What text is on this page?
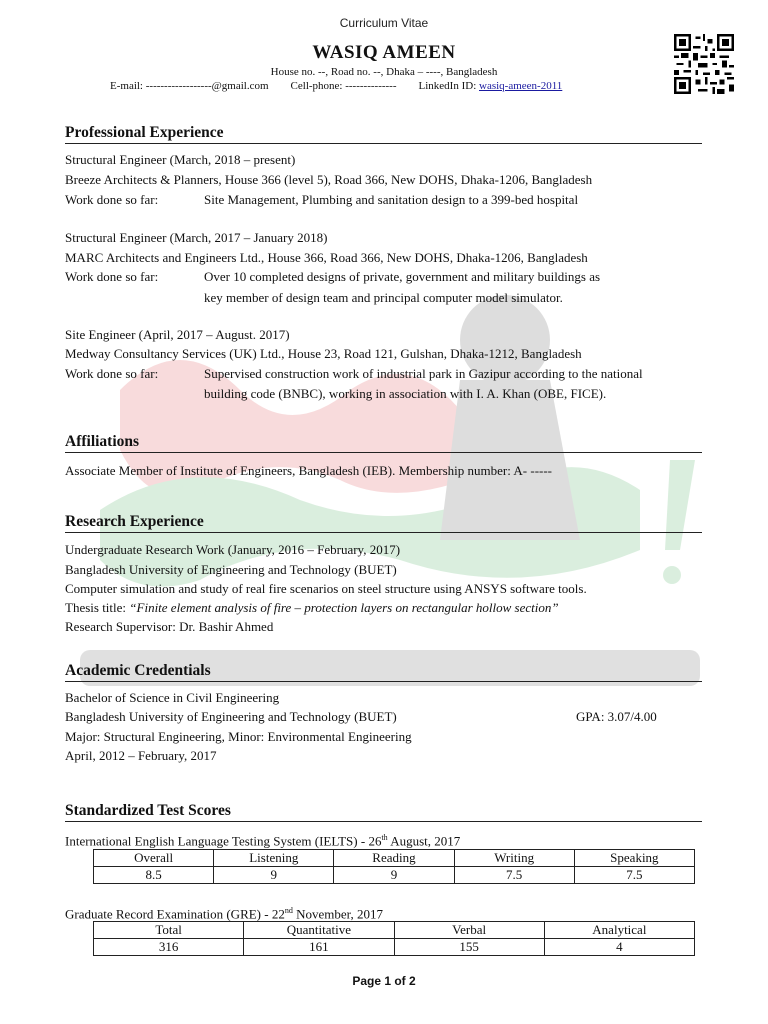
Curriculum Vitae
WASIQ AMEEN
House no. --, Road no. --, Dhaka – ----, Bangladesh
E-mail: ------------------@gmail.com Cell-phone: -------------- LinkedIn ID: wasiq-ameen-2011
Professional Experience
Structural Engineer (March, 2018 – present)
Breeze Architects & Planners, House 366 (level 5), Road 366, New DOHS, Dhaka-1206, Bangladesh
Work done so far:	Site Management, Plumbing and sanitation design to a 399-bed hospital
Structural Engineer (March, 2017 – January 2018)
MARC Architects and Engineers Ltd., House 366, Road 366, New DOHS, Dhaka-1206, Bangladesh
Work done so far:	Over 10 completed designs of private, government and military buildings as
key member of design team and principal computer model simulator.
Site Engineer (April, 2017 – August. 2017)
Medway Consultancy Services (UK) Ltd., House 23, Road 121, Gulshan, Dhaka-1212, Bangladesh
Work done so far:	Supervised construction work of industrial park in Gazipur according to the national
building code (BNBC), working in association with I. A. Khan (OBE, FICE).
Affiliations
Associate Member of Institute of Engineers, Bangladesh (IEB). Membership number: A- -----
Research Experience
Undergraduate Research Work (January, 2016 – February, 2017)
Bangladesh University of Engineering and Technology (BUET)
Computer simulation and study of real fire scenarios on steel structure using ANSYS software tools.
Thesis title: “Finite element analysis of fire – protection layers on rectangular hollow section”
Research Supervisor: Dr. Bashir Ahmed
Academic Credentials
Bachelor of Science in Civil Engineering
Bangladesh University of Engineering and Technology (BUET)	GPA: 3.07/4.00
Major: Structural Engineering, Minor: Environmental Engineering
April, 2012 – February, 2017
Standardized Test Scores
International English Language Testing System (IELTS) - 26th August, 2017
Overall	Listening	Reading	Writing	Speaking
8.5	9	9	7.5	7.5
Graduate Record Examination (GRE) - 22nd November, 2017
Total	Quantitative	Verbal	Analytical
316	161	155	4
Page 1 of 2
